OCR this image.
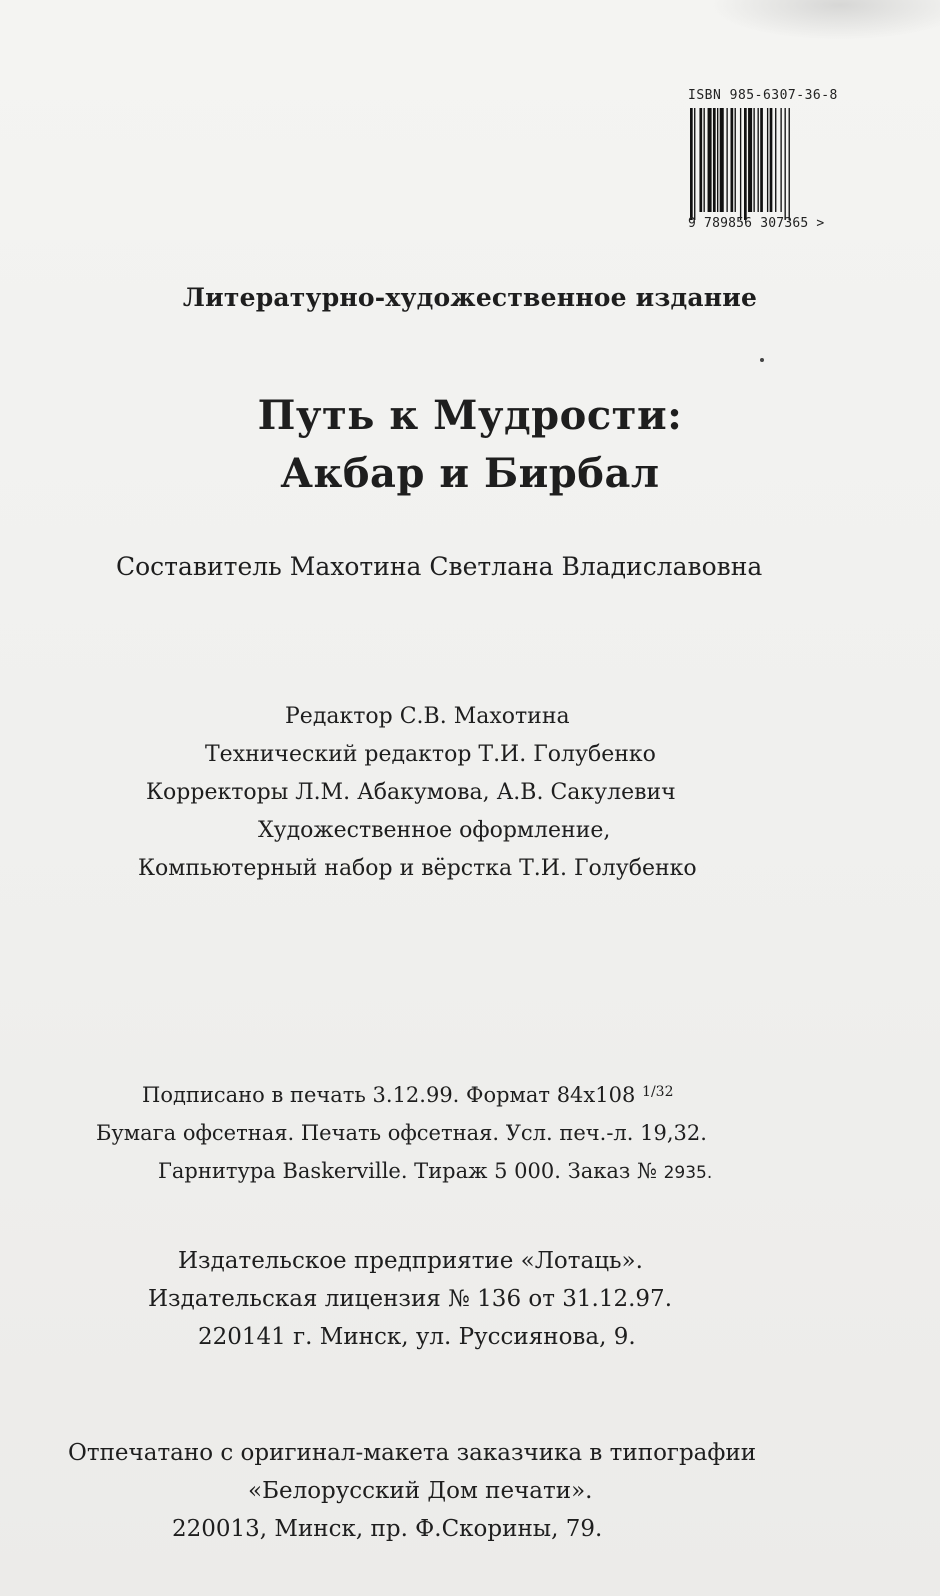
ISBN 985-6307-36-8
9 789856 307365 >
Литературно-художественное издание
Путь к Мудрости:
Акбар и Бирбал
Составитель Махотина Светлана Владиславовна
Редактор С.В. Махотина
Технический редактор Т.И. Голубенко
Корректоры Л.М. Абакумова, А.В. Сакулевич
Художественное оформление,
Компьютерный набор и вёрстка Т.И. Голубенко
Подписано в печать 3.12.99. Формат 84х108 $^{1/32}$
Бумага офсетная. Печать офсетная. Усл. печ.-л. 19,32.
Гарнитура Baskerville. Тираж 5 000. Заказ № 2935.
Издательское предприятие «Лотаць».
Издательская лицензия № 136 от 31.12.97.
220141 г. Минск, ул. Руссиянова, 9.
Отпечатано с оригинал-макета заказчика в типографии
«Белорусский Дом печати».
220013, Минск, пр. Ф.Скорины, 79.
